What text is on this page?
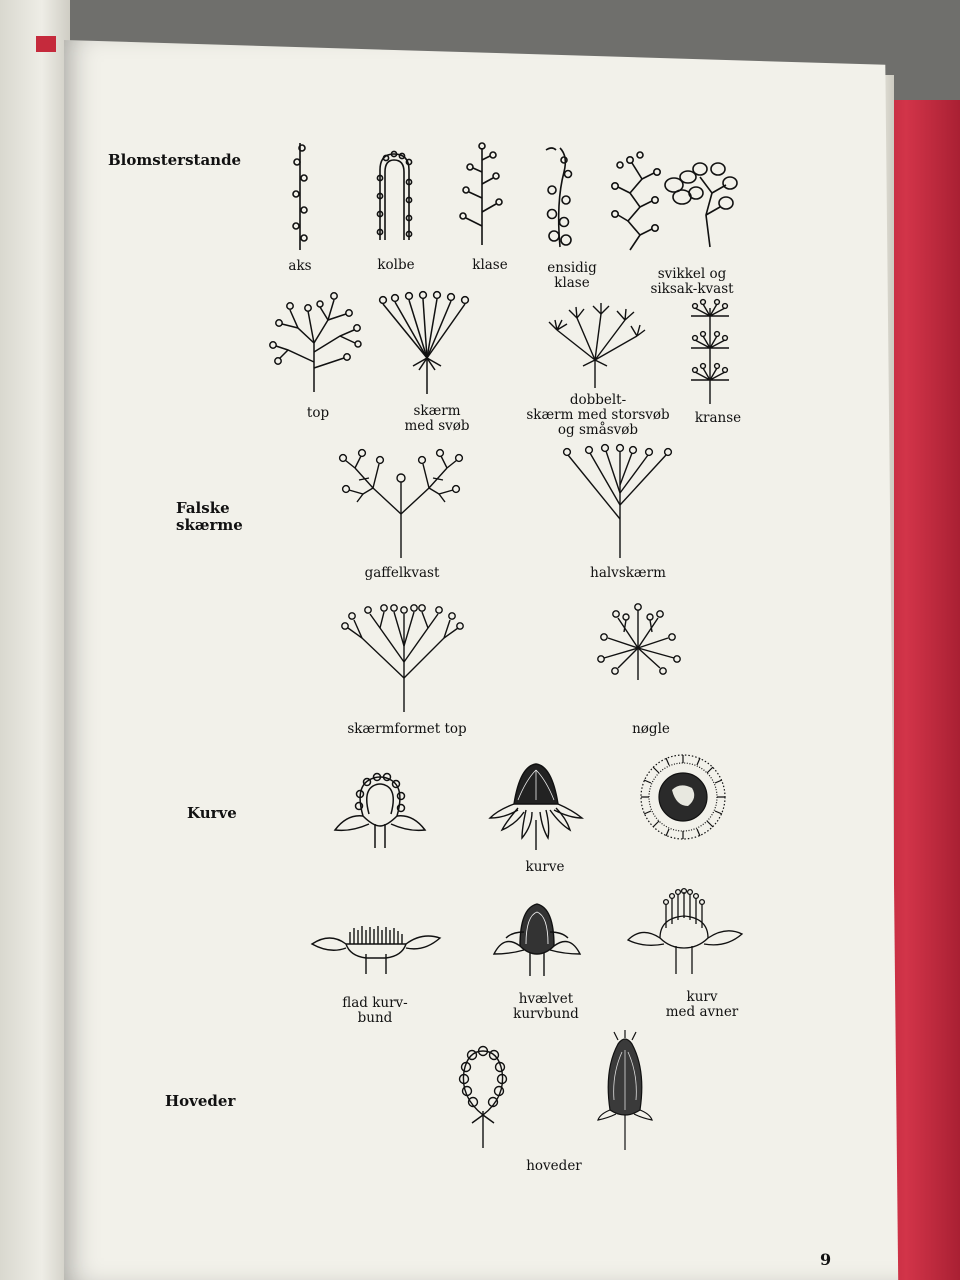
Blomsterstande
Falske
skærme
Kurve
Hoveder
aks	kolbe	klase	ensidig
klase
svikkel og
siksak-kvast
top	skærm
med svøb
dobbelt-
skærm med storsvøb
og småsvøb
kranse
gaffelkvast	halvskærm
skærmformet top	nøgle
kurve
flad kurv-
bund
hvælvet
kurvbund
kurv
med avner
hoveder
9
